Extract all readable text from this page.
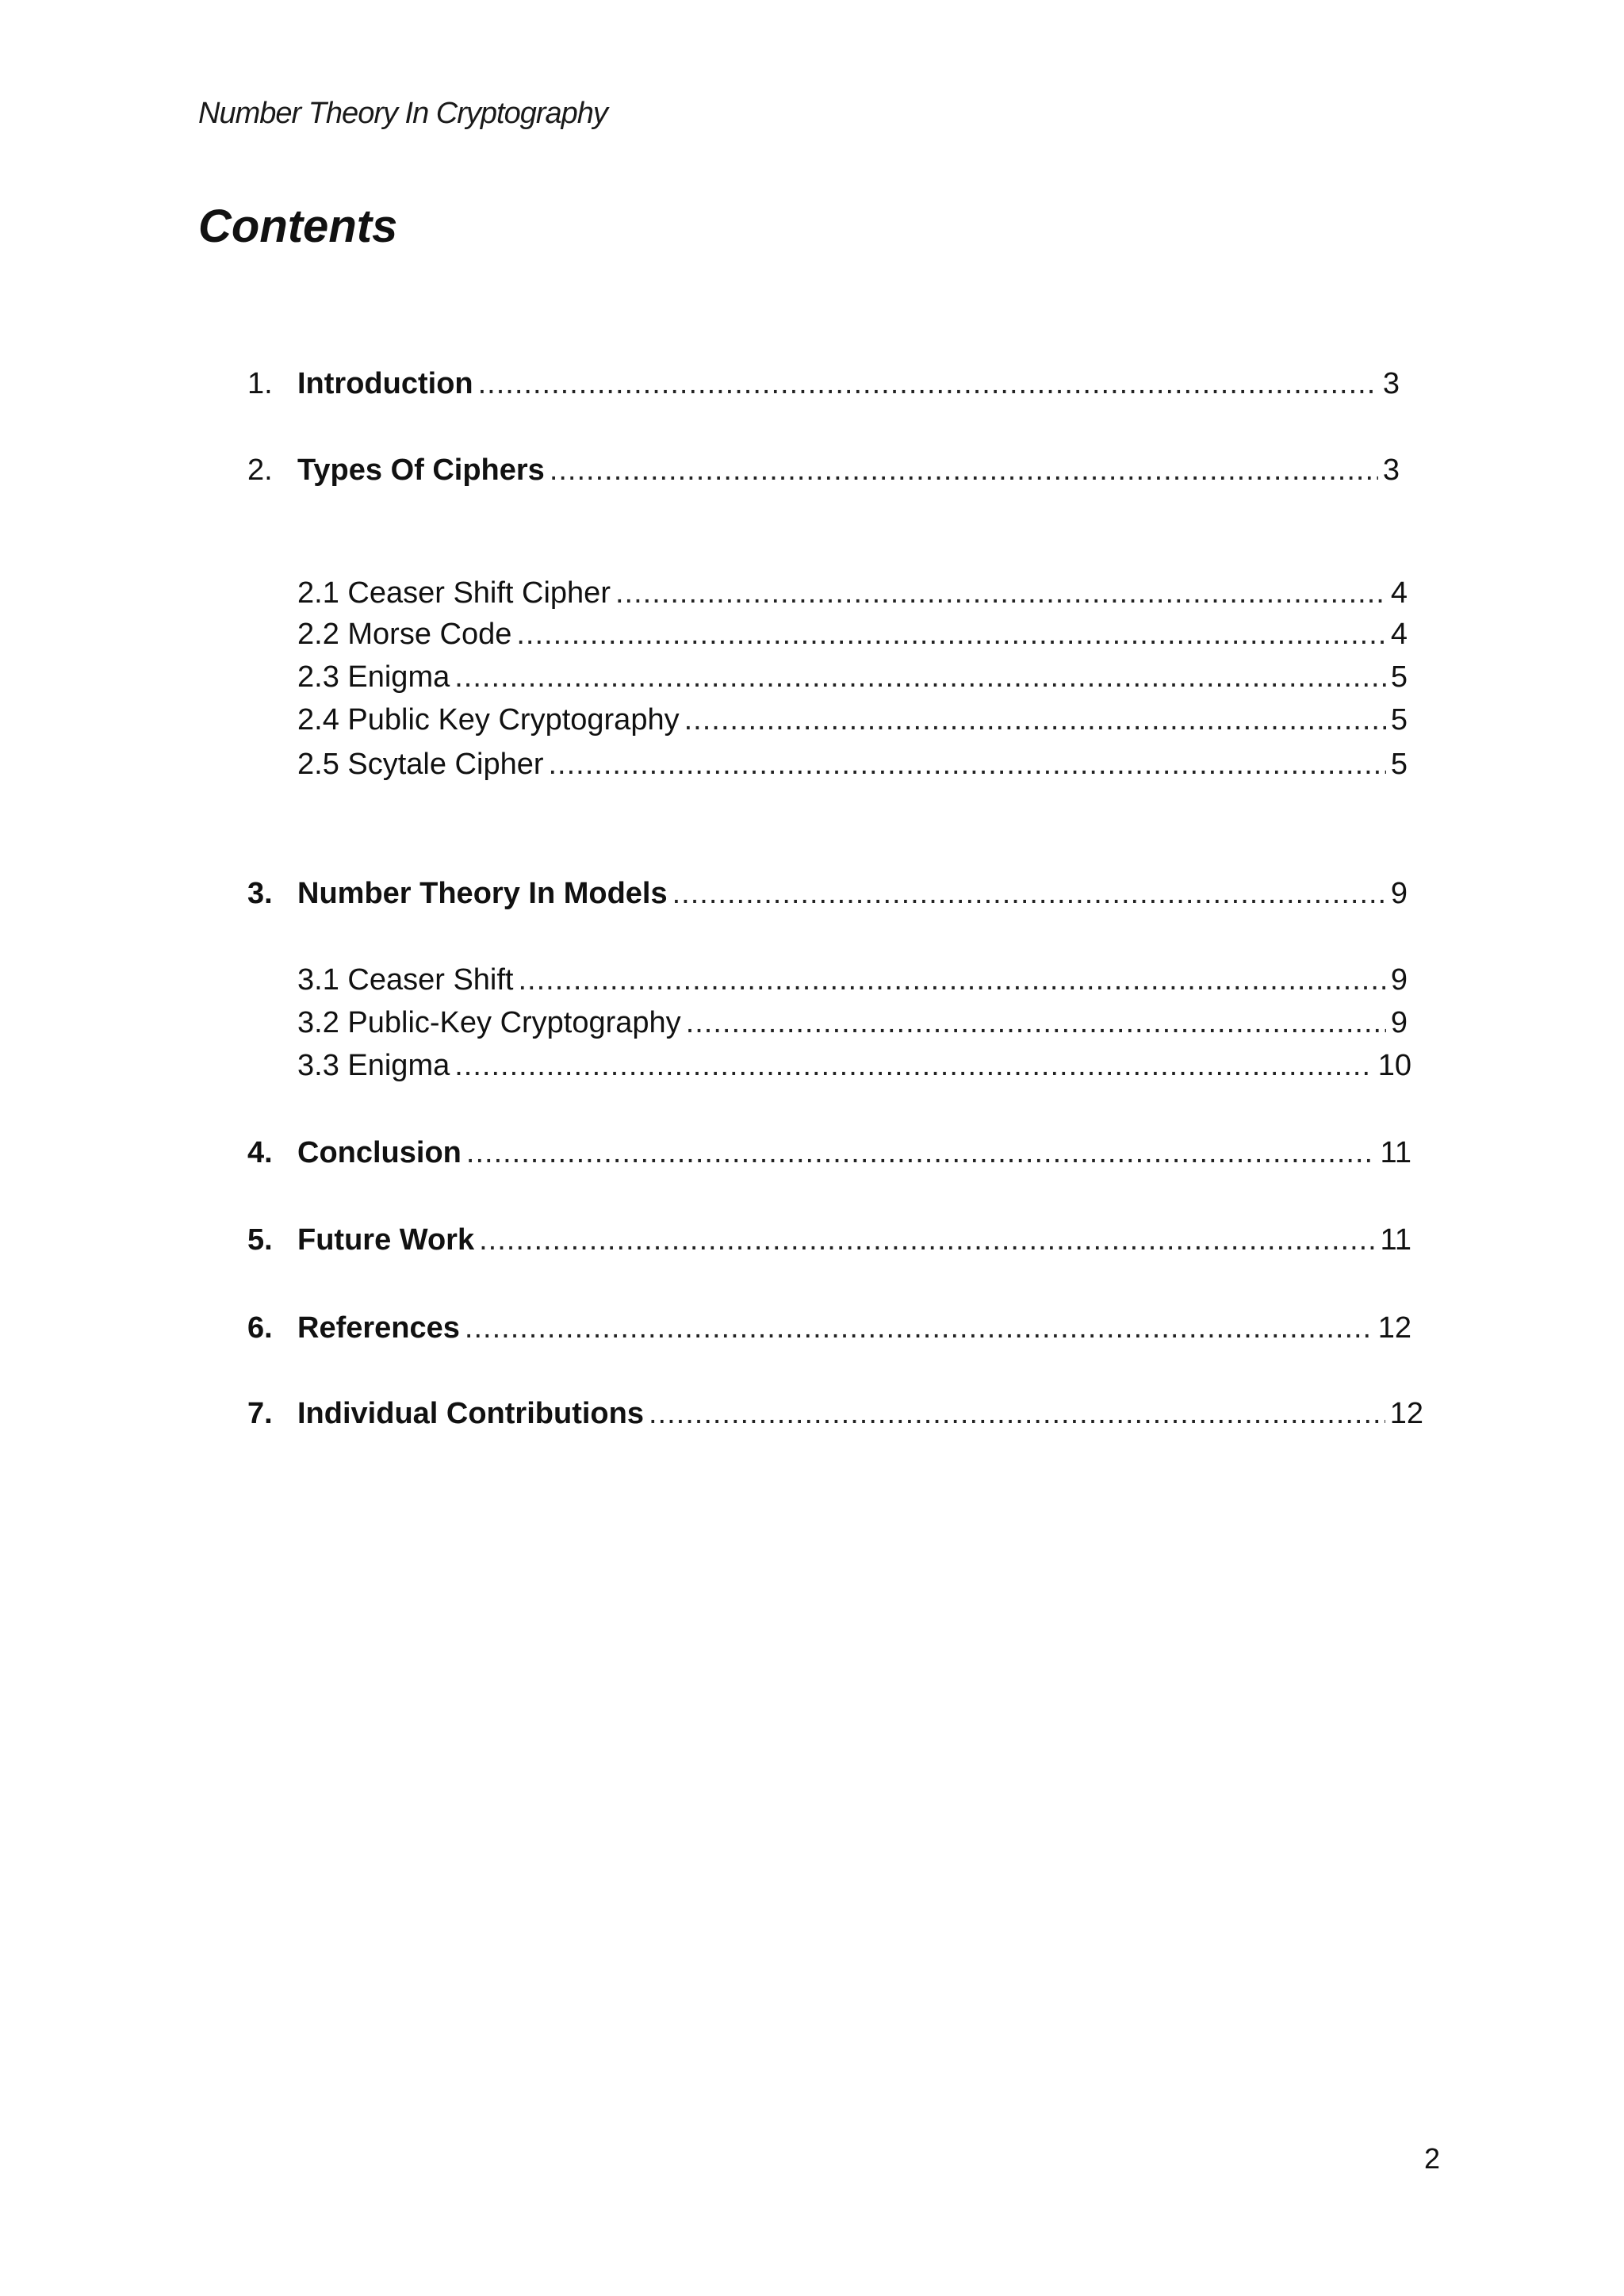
Number Theory In Cryptography
Contents
1. Introduction .....	3
2. Types Of Ciphers .....	3
2.1 Ceaser Shift Cipher .....	4
2.2 Morse Code .....	4
2.3 Enigma .....	5
2.4 Public Key Cryptography .....	5
2.5 Scytale Cipher .....	5
3. Number Theory In Models .....	9
3.1 Ceaser Shift .....	9
3.2 Public-Key Cryptography .....	9
3.3 Enigma .....	10
4. Conclusion .....	11
5. Future Work .....	11
6. References .....	12
7. Individual Contributions .....	12
2
